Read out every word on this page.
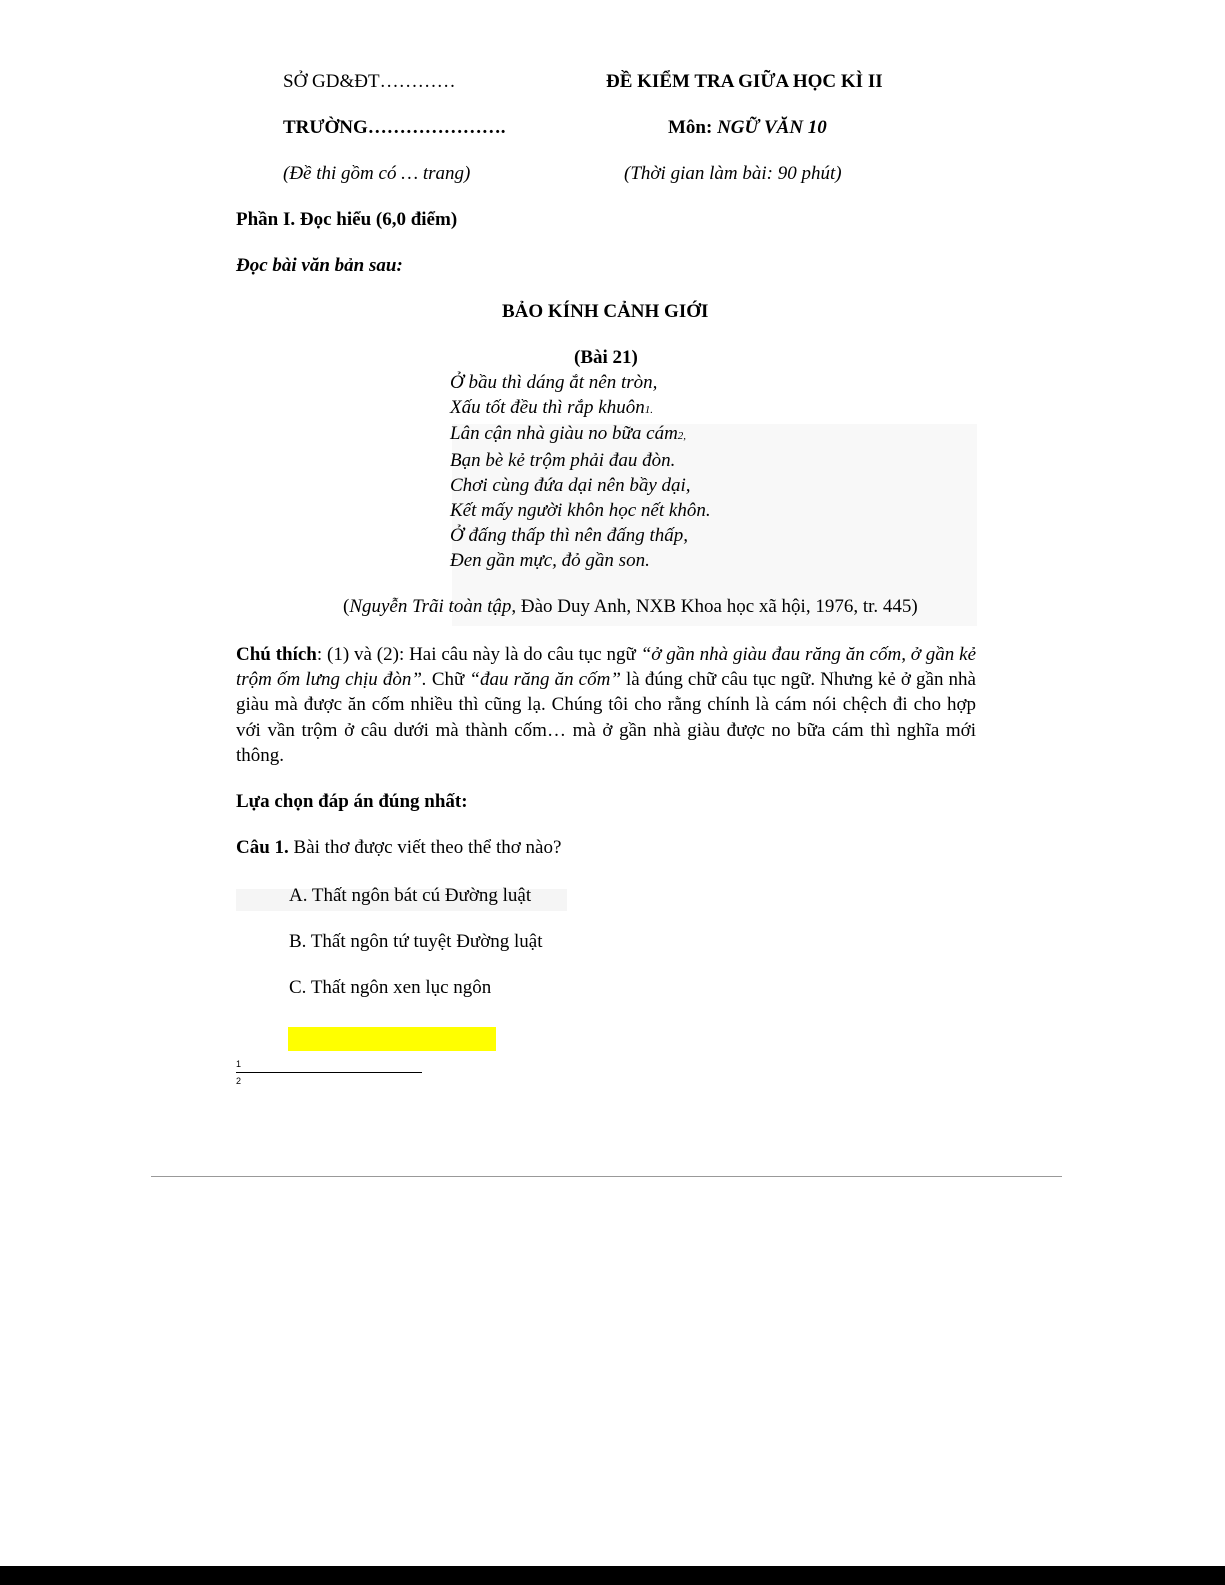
SỞ GD&ĐT…………	ĐỀ KIỂM TRA GIỮA HỌC KÌ II
TRƯỜNG………………….	Môn: NGỮ VĂN 10
(Đề thi gồm có … trang)	(Thời gian làm bài: 90 phút)
Phần I. Đọc hiểu (6,0 điểm)
Đọc bài văn bản sau:
BẢO KÍNH CẢNH GIỚI
(Bài 21)
Ở bầu thì dáng ắt nên tròn,
Xấu tốt đều thì rắp khuôn1.
Lân cận nhà giàu no bữa cám2,
Bạn bè kẻ trộm phải đau đòn.
Chơi cùng đứa dại nên bầy dại,
Kết mấy người khôn học nết khôn.
Ở đấng thấp thì nên đấng thấp,
Đen gần mực, đỏ gần son.
(Nguyễn Trãi toàn tập, Đào Duy Anh, NXB Khoa học xã hội, 1976, tr. 445)
Chú thích: (1) và (2): Hai câu này là do câu tục ngữ “ở gần nhà giàu đau răng ăn cốm, ở gần kẻ trộm ốm lưng chịu đòn”. Chữ “đau răng ăn cốm” là đúng chữ câu tục ngữ. Nhưng kẻ ở gần nhà giàu mà được ăn cốm nhiều thì cũng lạ. Chúng tôi cho rằng chính là cám nói chệch đi cho hợp với vần trộm ở câu dưới mà thành cốm… mà ở gần nhà giàu được no bữa cám thì nghĩa mới thông.
Lựa chọn đáp án đúng nhất:
Câu 1. Bài thơ được viết theo thể thơ nào?
A. Thất ngôn bát cú Đường luật
B. Thất ngôn tứ tuyệt Đường luật
C. Thất ngôn xen lục ngôn
1
2
